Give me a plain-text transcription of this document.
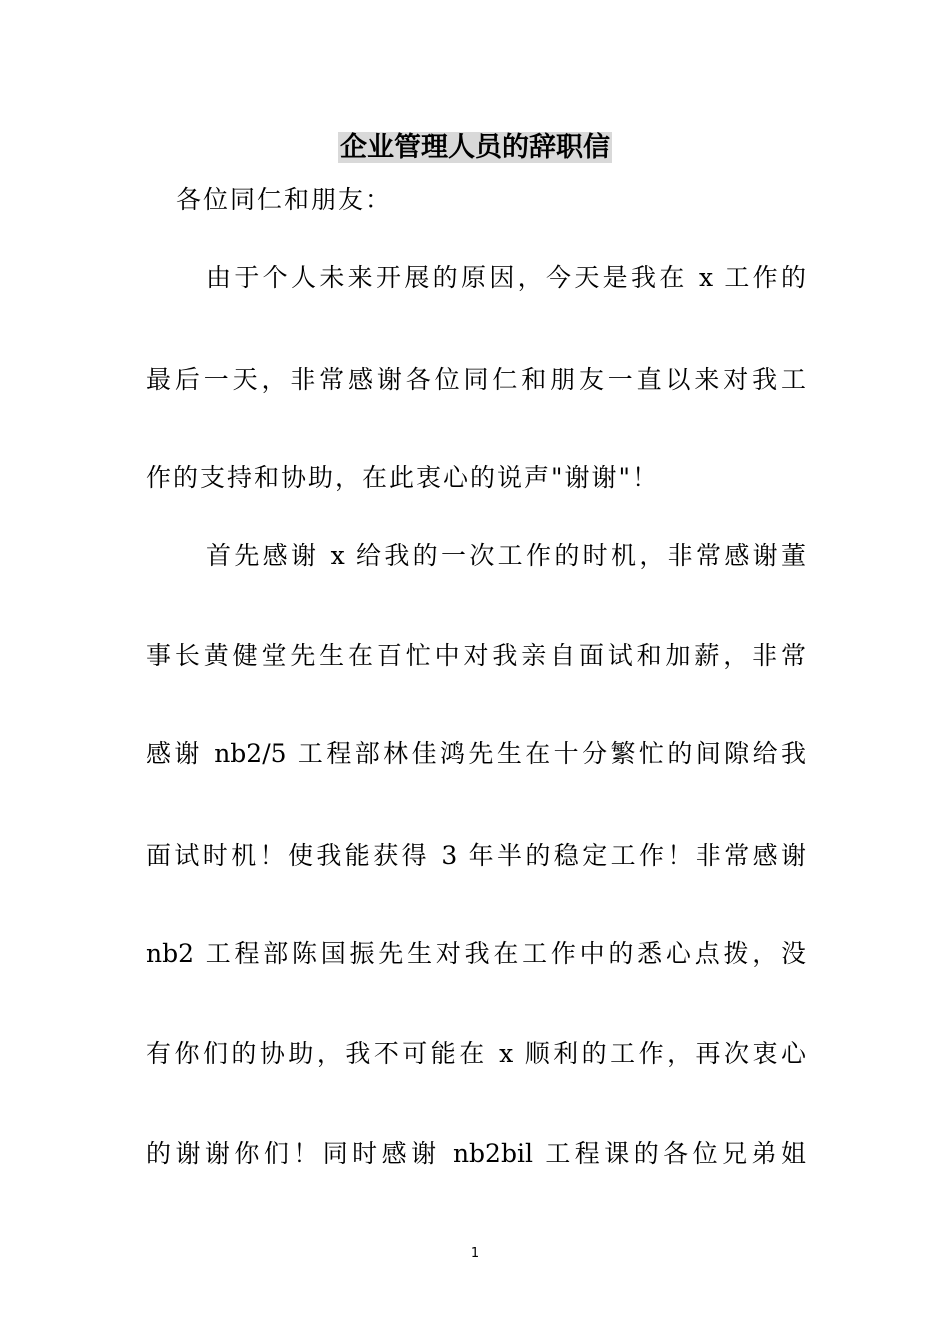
企业管理人员的辞职信

各位同仁和朋友：

由于个人未来开展的原因，今天是我在 x 工作的

最后一天，非常感谢各位同仁和朋友一直以来对我工

作的支持和协助，在此衷心的说声"谢谢"！

首先感谢 x 给我的一次工作的时机，非常感谢董

事长黄健堂先生在百忙中对我亲自面试和加薪，非常

感谢 nb2/5 工程部林佳鸿先生在十分繁忙的间隙给我

面试时机！使我能获得 3 年半的稳定工作！非常感谢

nb2 工程部陈国振先生对我在工作中的悉心点拨，没

有你们的协助，我不可能在 x 顺利的工作，再次衷心

的谢谢你们！同时感谢 nb2bil 工程课的各位兄弟姐

1
